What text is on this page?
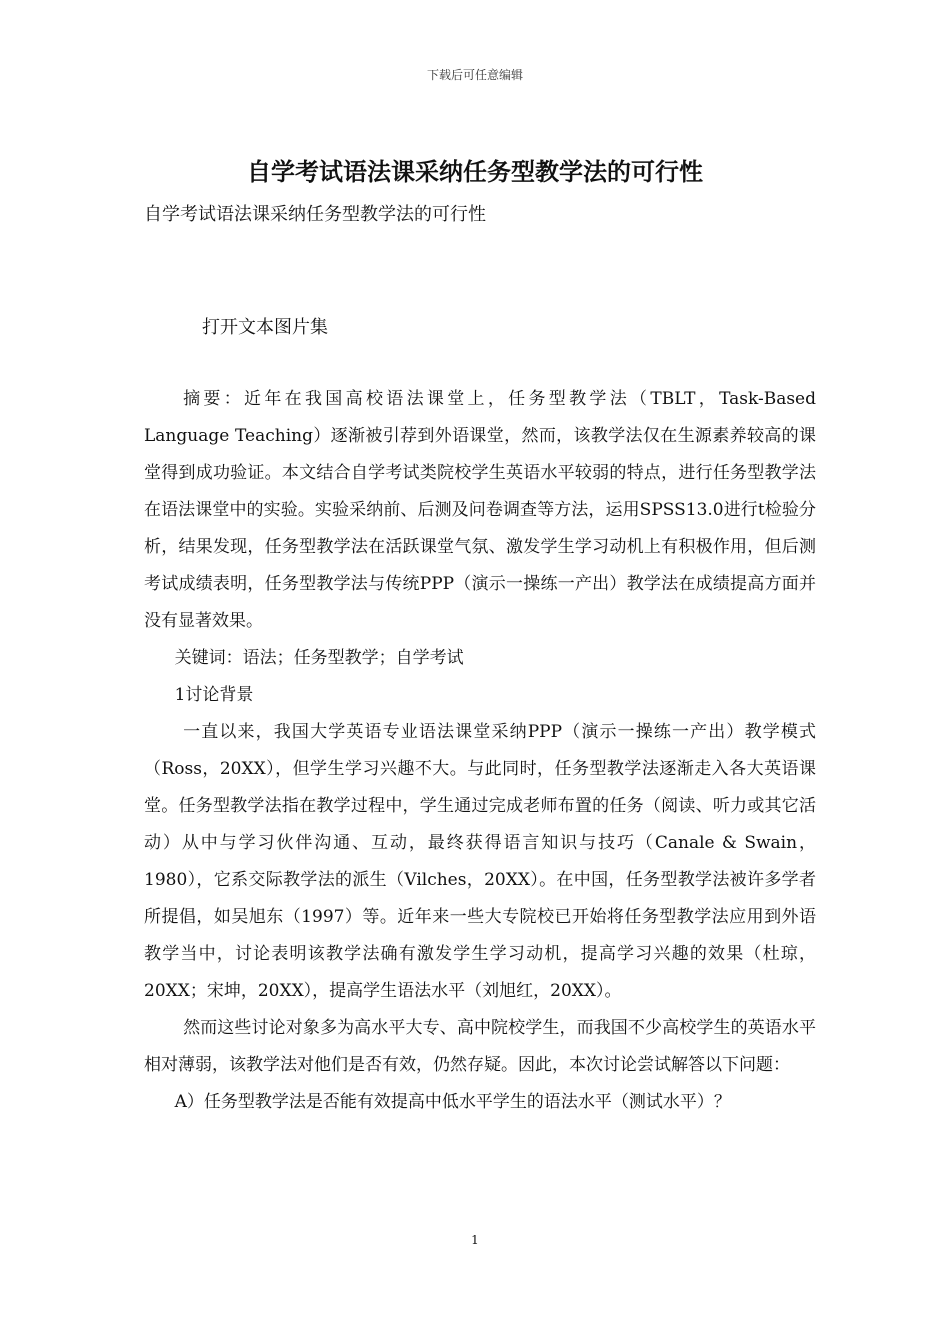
下载后可任意编辑
自学考试语法课采纳任务型教学法的可行性
自学考试语法课采纳任务型教学法的可行性
打开文本图片集

摘要：近年在我国高校语法课堂上，任务型教学法（TBLT，Task-Based Language Teaching）逐渐被引荐到外语课堂，然而，该教学法仅在生源素养较高的课堂得到成功验证。本文结合自学考试类院校学生英语水平较弱的特点，进行任务型教学法在语法课堂中的实验。实验采纳前、后测及问卷调查等方法，运用SPSS13.0进行t检验分析，结果发现，任务型教学法在活跃课堂气氛、激发学生学习动机上有积极作用，但后测考试成绩表明，任务型教学法与传统PPP（演示一操练一产出）教学法在成绩提高方面并没有显著效果。

关键词：语法；任务型教学；自学考试

1讨论背景

一直以来，我国大学英语专业语法课堂采纳PPP（演示一操练一产出）教学模式（Ross，20XX），但学生学习兴趣不大。与此同时，任务型教学法逐渐走入各大英语课堂。任务型教学法指在教学过程中，学生通过完成老师布置的任务（阅读、听力或其它活动）从中与学习伙伴沟通、互动，最终获得语言知识与技巧（Canale & Swain，1980），它系交际教学法的派生（Vilches，20XX）。在中国，任务型教学法被许多学者所提倡，如吴旭东（1997）等。近年来一些大专院校已开始将任务型教学法应用到外语教学当中，讨论表明该教学法确有激发学生学习动机，提高学习兴趣的效果（杜琼，20XX；宋坤，20XX），提高学生语法水平（刘旭红，20XX）。

然而这些讨论对象多为高水平大专、高中院校学生，而我国不少高校学生的英语水平相对薄弱，该教学法对他们是否有效，仍然存疑。因此，本次讨论尝试解答以下问题：

A）任务型教学法是否能有效提高中低水平学生的语法水平（测试水平）？

1
